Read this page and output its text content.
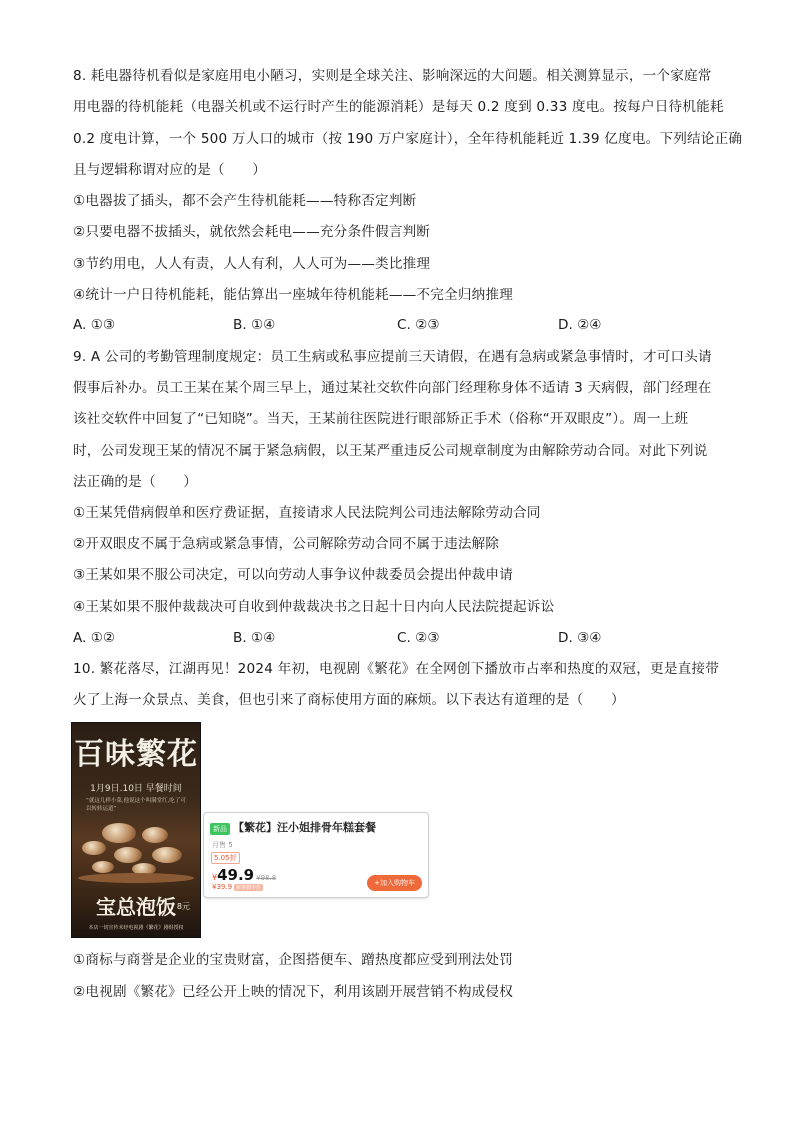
8. 耗电器待机看似是家庭用电小陋习，实则是全球关注、影响深远的大问题。相关测算显示，一个家庭常
用电器的待机能耗（电器关机或不运行时产生的能源消耗）是每天 0.2 度到 0.33 度电。按每户日待机能耗
0.2 度电计算，一个 500 万人口的城市（按 190 万户家庭计），全年待机能耗近 1.39 亿度电。下列结论正确
且与逻辑称谓对应的是（　　）
①电器拔了插头，都不会产生待机能耗——特称否定判断
②只要电器不拔插头，就依然会耗电——充分条件假言判断
③节约用电，人人有责，人人有利，人人可为——类比推理
④统计一户日待机能耗，能估算出一座城年待机能耗——不完全归纳推理
A. ①③	B. ①④	C. ②③	D. ②④
9. A 公司的考勤管理制度规定：员工生病或私事应提前三天请假，在遇有急病或紧急事情时，才可口头请
假事后补办。员工王某在某个周三早上，通过某社交软件向部门经理称身体不适请 3 天病假，部门经理在
该社交软件中回复了“已知晓”。当天，王某前往医院进行眼部矫正手术（俗称“开双眼皮”）。周一上班
时，公司发现王某的情况不属于紧急病假，以王某严重违反公司规章制度为由解除劳动合同。对此下列说
法正确的是（　　）
①王某凭借病假单和医疗费证据，直接请求人民法院判公司违法解除劳动合同
②开双眼皮不属于急病或紧急事情，公司解除劳动合同不属于违法解除
③王某如果不服公司决定，可以向劳动人事争议仲裁委员会提出仲裁申请
④王某如果不服仲裁裁决可自收到仲裁裁决书之日起十日内向人民法院提起诉讼
A. ①②	B. ①④	C. ②③	D. ③④
10. 繁花落尽，江湖再见！2024 年初，电视剧《繁花》在全网创下播放市占率和热度的双冠，更是直接带
火了上海一众景点、美食，但也引来了商标使用方面的麻烦。以下表达有道理的是（　　）
百味繁花
1月9日.10日 早餐时间
“就这几样小菜,他说这个叫满堂红,吃了可以转转运道”
宝总泡饭 8元
本店一切宣传未经电视剧《繁花》剧组授权
新品 【繁花】汪小姐排骨年糕套餐
月售 5
5.05折
¥49.9 ¥98.8
¥39.9 新客到手价
+加入购物车
①商标与商誉是企业的宝贵财富，企图搭便车、蹭热度都应受到刑法处罚
②电视剧《繁花》已经公开上映的情况下，利用该剧开展营销不构成侵权
